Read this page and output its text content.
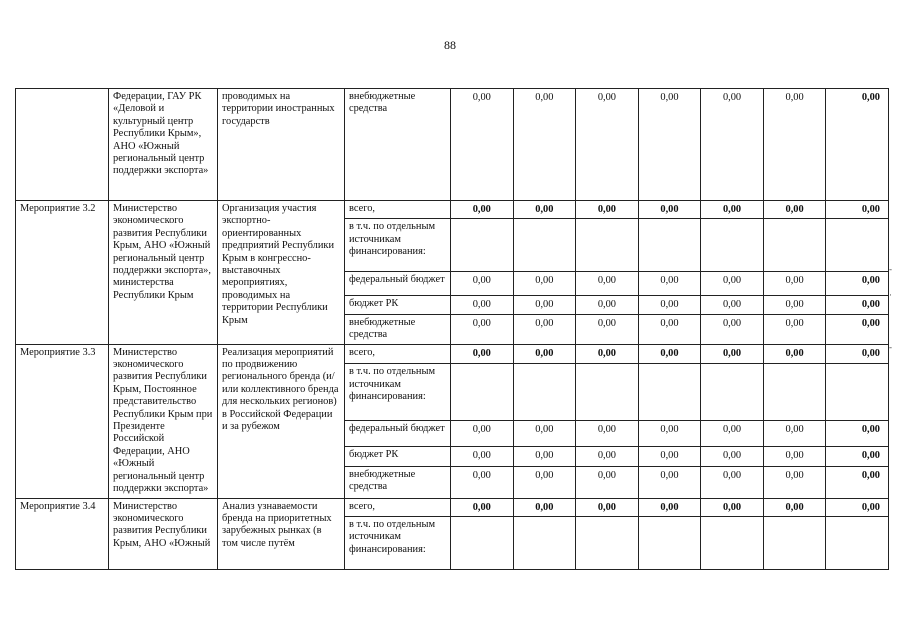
88
	Федерации, ГАУ РК «Деловой и культурный центр Республики Крым», АНО «Южный региональный центр поддержки экспорта»	проводимых на территории иностранных государств	внебюджетные средства	0,00	0,00	0,00	0,00	0,00	0,00	0,00
Мероприятие 3.2	Министерство экономического развития Республики Крым, АНО «Южный региональный центр поддержки экспорта», министерства Республики Крым	Организация участия экспортно-ориентированных предприятий Республики Крым в конгрессно-выставочных мероприятиях, проводимых на территории Республики Крым	всего,	0,00	0,00	0,00	0,00	0,00	0,00	0,00
			в т.ч. по отдельным источникам финансирования:							
			федеральный бюджет	0,00	0,00	0,00	0,00	0,00	0,00	0,00
			бюджет РК	0,00	0,00	0,00	0,00	0,00	0,00	0,00
			внебюджетные средства	0,00	0,00	0,00	0,00	0,00	0,00	0,00
Мероприятие 3.3	Министерство экономического развития Республики Крым, Постоянное представительство Республики Крым при Президенте Российской Федерации, АНО «Южный региональный центр поддержки экспорта»	Реализация мероприятий по продвижению регионального бренда (и/или коллективного бренда для нескольких регионов) в Российской Федерации и за рубежом	всего,	0,00	0,00	0,00	0,00	0,00	0,00	0,00
			в т.ч. по отдельным источникам финансирования:							
			федеральный бюджет	0,00	0,00	0,00	0,00	0,00	0,00	0,00
			бюджет РК	0,00	0,00	0,00	0,00	0,00	0,00	0,00
			внебюджетные средства	0,00	0,00	0,00	0,00	0,00	0,00	0,00
Мероприятие 3.4	Министерство экономического развития Республики Крым, АНО «Южный	Анализ узнаваемости бренда на приоритетных зарубежных рынках (в том числе путём	всего,	0,00	0,00	0,00	0,00	0,00	0,00	0,00
			в т.ч. по отдельным источникам финансирования:							
-
·
-
